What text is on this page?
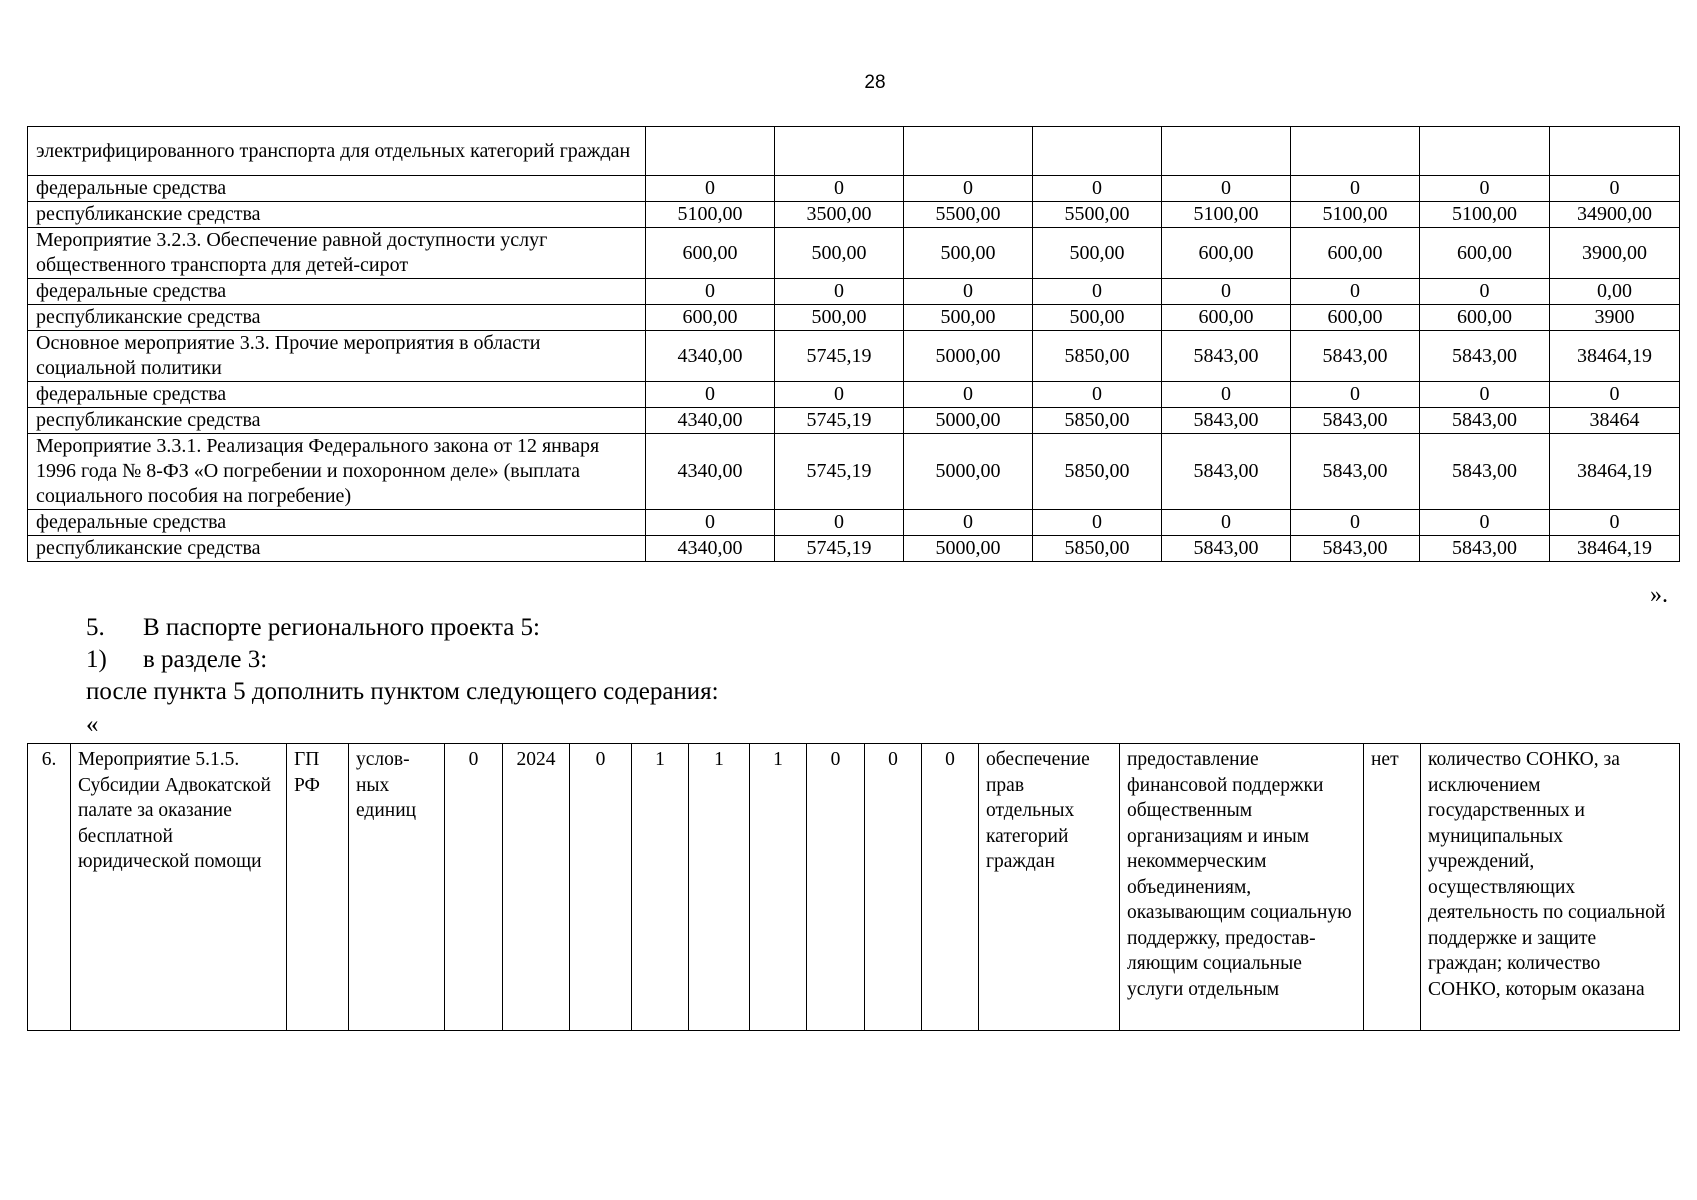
28
электрифицированного транспорта для отдельных категорий граждан								
федеральные средства	0	0	0	0	0	0	0	0
республиканские средства	5100,00	3500,00	5500,00	5500,00	5100,00	5100,00	5100,00	34900,00
Мероприятие 3.2.3. Обеспечение равной доступности услуг общественного транспорта для детей-сирот	600,00	500,00	500,00	500,00	600,00	600,00	600,00	3900,00
федеральные средства	0	0	0	0	0	0	0	0,00
республиканские средства	600,00	500,00	500,00	500,00	600,00	600,00	600,00	3900
Основное мероприятие 3.3. Прочие мероприятия в области социальной политики	4340,00	5745,19	5000,00	5850,00	5843,00	5843,00	5843,00	38464,19
федеральные средства	0	0	0	0	0	0	0	0
республиканские средства	4340,00	5745,19	5000,00	5850,00	5843,00	5843,00	5843,00	38464
Мероприятие 3.3.1. Реализация Федерального закона от 12 января 1996 года № 8-ФЗ «О погребении и похоронном деле» (выплата социального пособия на погребение)	4340,00	5745,19	5000,00	5850,00	5843,00	5843,00	5843,00	38464,19
федеральные средства	0	0	0	0	0	0	0	0
республиканские средства	4340,00	5745,19	5000,00	5850,00	5843,00	5843,00	5843,00	38464,19
».
5. В паспорте регионального проекта 5:
1) в разделе 3:
после пункта 5 дополнить пунктом следующего содерания:
«
6.	Мероприятие 5.1.5. Субсидии Адвокатской палате за оказание бесплатной юридической помощи	ГП РФ	услов-ных единиц	0	2024	0	1	1	1	0	0	0	обеспечение прав отдельных категорий граждан	предоставление финансовой поддержки общественным организациям и иным некоммерческим объединениям, оказывающим социальную поддержку, предостав-ляющим социальные услуги отдельным	нет	количество СОНКО, за исключением государственных и муниципальных учреждений, осуществляющих деятельность по социальной поддержке и защите граждан; количество СОНКО, которым оказана
